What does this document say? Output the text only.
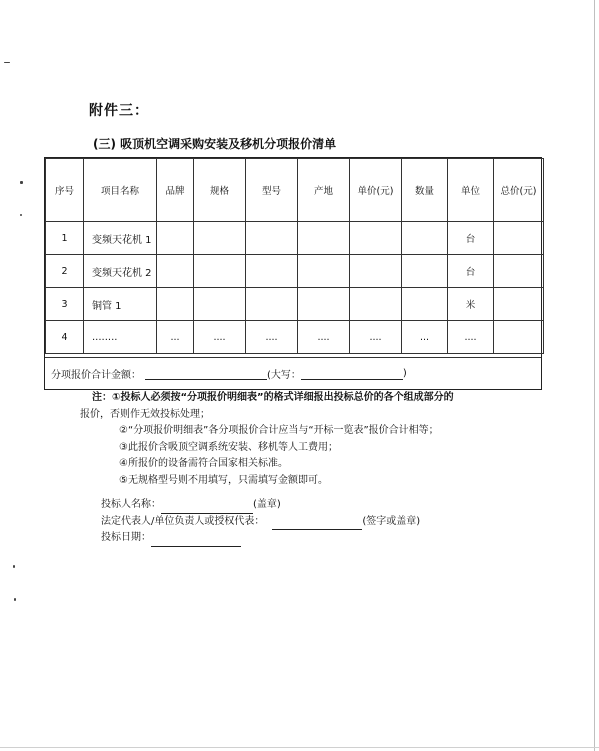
附件三：
(三) 吸顶机空调采购安装及移机分项报价清单
序号	项目名称	品牌	规格	型号	产地	单价(元)	数量	单位	总价(元)
1	变频天花机 1							台	
2	变频天花机 2							台	
3	铜管 1							米	
4	........	...	....	....	....	....	...	....	
分项报价合计金额：	(大写：	)
注：①投标人必须按“分项报价明细表”的格式详细报出投标总价的各个组成部分的
报价，否则作无效投标处理；
②“分项报价明细表”各分项报价合计应当与“开标一览表”报价合计相等；
③此报价含吸顶空调系统安装、移机等人工费用；
④所报价的设备需符合国家相关标准。
⑤无规格型号则不用填写，只需填写金额即可。
投标人名称：	(盖章)
法定代表人/单位负责人或授权代表：	(签字或盖章)
投标日期：
